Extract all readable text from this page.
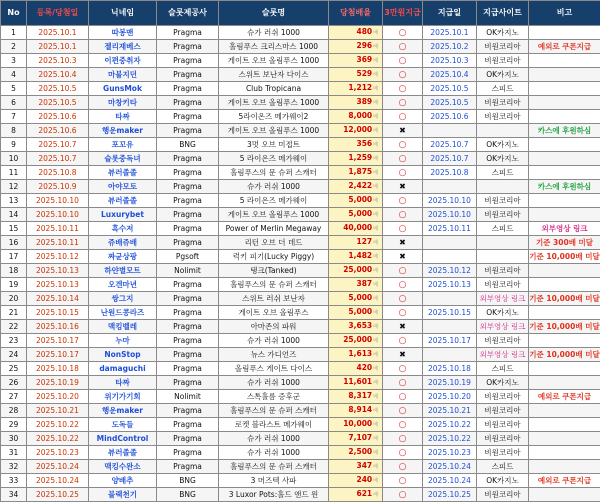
No	등록/당첨일	닉네임	슬롯제공사	슬롯명	당첨배율	3만원지급	지급일	지급사이트	비고
1	2025.10.1	따봉맨	Pragma	슈가 러쉬 1000	480배	○	2025.10.1	OK카지노	
2	2025.10.1	젤리재베스	Pragma	홀림푸스 크리스마스 1000	296배	○	2025.10.2	비원코리아	예외로 쿠폰지급
3	2025.10.3	이편중취자	Pragma	게이트 오브 올림푸스 1000	369배	○	2025.10.3	비원코리아	
4	2025.10.4	마불지던	Pragma	스위트 보난자 다이스	529배	○	2025.10.4	OK카지노	
5	2025.10.5	GunsMok	Pragma	Club Tropicana	1,212배	○	2025.10.5	스피드	
6	2025.10.5	마창키타	Pragma	게이트 오브 올림푸스 1000	389배	○	2025.10.5	비원코리아	
7	2025.10.6	타짜	Pragma	5라이온즈 메가웨이2	8,000배	○	2025.10.6	비원코리아	
8	2025.10.6	행운maker	Pragma	게이트 오브 올림푸스 1000	12,000배	✖			카스에 후원하심
9	2025.10.7	포꼬유	BNG	3멋 오브 미접트	356배	○	2025.10.7	OK카지노	
10	2025.10.7	슬롯중독녀	Pragma	5 라이온즈 메가웨이	1,259배	○	2025.10.7	OK카지노	
11	2025.10.8	뷰러졸졸	Pragma	홀림푸스의 문 슈퍼 스캐터	1,875배	○	2025.10.8	스피드	
12	2025.10.9	아야모토	Pragma	슈가 러쉬 1000	2,422배	✖			카스에 후원하심
13	2025.10.10	뷰러졸졸	Pragma	5 라이온즈 메가웨이	5,000배	○	2025.10.10	비원코리아	
14	2025.10.10	Luxurybet	Pragma	게이트 오브 올림푸스 1000	5,000배	○	2025.10.10	비원코리아	
15	2025.10.11	흑수저	Pragma	Power of Merlin Megaway	40,000배	○	2025.10.11	스피드	외부영상 링크
16	2025.10.11	쥬배쥬배	Pragma	리턴 오브 더 데드	127배	✖			기준 300배 미달
17	2025.10.12	짜균상팡	Pgsoft	럭키 피기(Lucky Piggy)	1,482배	✖			기준 10,000배 미달
18	2025.10.13	하얀별모트	Nolimit	탱크(Tanked)	25,000배	○	2025.10.12	비원코리아	
19	2025.10.13	오겐마년	Pragma	홀림푸스의 문 슈퍼 스캐터	387배	○	2025.10.13	비원코리아	
20	2025.10.14	쌍그지	Pragma	스위트 러쉬 보난자	5,000배	○		외부영상 링크	기준 10,000배 미달
21	2025.10.15	난원드콩라즈	Pragma	게이트 오브 올림푸스	5,000배	○	2025.10.15	OK카지노	
22	2025.10.16	맥킹벨레	Pragma	아마존의 파워	3,653배	✖		외부영상 링크	기준 10,000배 미달
23	2025.10.17	누마	Pragma	슈가 러쉬 1000	25,000배	○	2025.10.17	비원코리아	
24	2025.10.17	NonStop	Pragma	뉴스 가디언즈	1,613배	✖		외부영상 링크	기준 10,000배 미달
25	2025.10.18	damaguchi	Pragma	올림푸스 게이트 다이스	420배	○	2025.10.18	스피드	
26	2025.10.19	타짜	Pragma	슈가 러쉬 1000	11,601배	○	2025.10.19	OK카지노	
27	2025.10.20	위기가기회	Nolimit	스톡홀름 증후군	8,317배	○	2025.10.20	비원코리아	예외로 쿠폰지급
28	2025.10.21	행운maker	Pragma	홀림푸스의 문 슈퍼 스캐터	8,914배	○	2025.10.21	비원코리아	
29	2025.10.22	도독들	Pragma	로켓 블라스트 메가웨이	10,000배	○	2025.10.22	비원코리아	
30	2025.10.22	MindControl	Pragma	슈가 러쉬 1000	7,107배	○	2025.10.22	비원코리아	
31	2025.10.23	뷰러졸졸	Pragma	슈가 러쉬 1000	2,500배	○	2025.10.23	비원코리아	
32	2025.10.24	맥킹수완소	Pragma	홀림푸스의 문 슈퍼 스캐터	347배	○	2025.10.24	스피드	
33	2025.10.24	양배추	BNG	3 머즈텍 사파	240배	○	2025.10.24	OK카지노	예외로 쿠폰지급
34	2025.10.25	블랙천기	BNG	3 Luxor Pots:홀드 앤드 윈	621배	○	2025.10.25	비원코리아	
